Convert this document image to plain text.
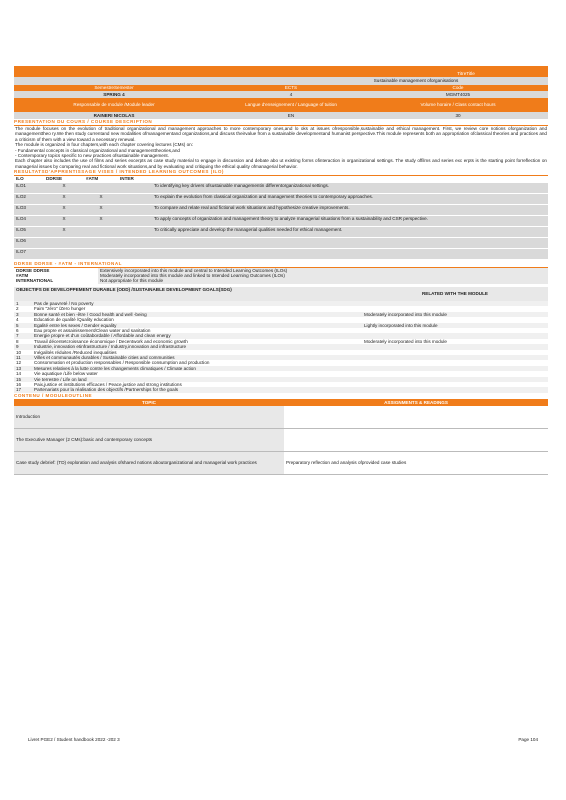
TitreTitle
Sustainable management oforganisations
SemestreSemester	ECTS	Code
SPRING 4	4	MGMT4025
Responsable de module /Module leader	Langue d'enseignement / Language of tuition	Volume horaire / Class contact hours
RAINERI NICOLAS	EN	30
PRESENTATION DU COURS / COURSE DESCRIPTION
The module focuses on the evolution of traditional organizational and management approaches to more contemporary ones,and lo oks at issues ofresponsible,sustainable and ethical management. First, we review core notions oforganization and managementtheo ry.We then study currentand new modalities ofmanagementand organizations,and discuss theirvalue from a sustainable developmentand humanist perspective.This module represents both an appropriation ofclassical theories and practices and a criticism of them with a view toward a necessary renewal.
The module is organized in four chapters,with each chapter covering lectures (CMs) on:
- Fundamental concepts in classical organizational and managementtheories,and
- Contemporary topics specific to new practices ofsustainable management.
Each chapter also includes the use of films and series excerpts as case study material to engage in discussion and debate abo ut existing forms ofinteraction in organizational settings. The study offilms and series exc erpts is the starting point forreflection on managerial issues by comparing real and fictional work situations,and by evaluating and critiquing the ethical quality ofmanagerial behavior.
RESULTATSD'APPRENTISSAGE VISES / INTENDED LEARNING OUTCOMES (ILO)
ILO	DDRSE	#ATM	INTER	
ILO1	X			To identifying key drivers ofsustainable managementin differentorganizational settings.
ILO2	X	X		To explain the evolution from classical organization and management theories to contemporary approaches.
ILO3	X	X		To compare and relate real and fictional work situations and hypothesize creative improvements.
ILO4	X	X		To apply concepts of organization and management theory to analyze managerial situations from a sustainability and CSR perspective.
ILO5	X			To critically appreciate and develop the managerial qualities needed for ethical management.
ILO6				
ILO7				
DDRSE DDRSE - #ATM - INTERNATIONAL
DDRSE DDRSE	Extensively incorporated into this module and central to Intended Learning Outcomes (ILOs)
#ATM	Moderately incorporated into this module and linked to Intended Learning Outcomes (ILOs)
INTERNATIONAL	Not appropriate for this module
OBJECTIFS DE DEVELOPPEMENT DURABLE (ODD) /SUSTAINABLE DEVELOPMENT GOALS(SDG)		RELATED WITH THE MODULE
1	Pas de pauvreté / No poverty	
2	Faim "zéro" /Zero hunger	
3	Bonne santé et bien -être / Good health and well -being	Moderately incorporated into this module
4	Education de qualité /Quality education	
5	Egalité entre les sexes / Gender equality	Lightly incorporated into this module
6	Eau propre et assainissement/Clean water and sanitation	
7	Energie propre et d'un coûtabordable / Affordable and clean energy	
8	Travail décentetcroissance économique / Decentwork and economic growth	Moderately incorporated into this module
9	Industrie, innovation etinfrastructure / Industry,innovation and infrastructure	
10	Inégalités réduites /Reduced inequalities	
11	Villes et communautés durables / Sustainable cities and communities	
12	Consommation et production responsables / Responsible consumption and production	
13	Mesures relatives à la lutte contre les changements climatiques / Climate action	
14	Vie aquatique /Life below water	
15	Vie terrestre / Life on land	
16	Paix,justice et institutions efficaces / Peace,justice and strong institutions	
17	Partenariats pour la réalisation des objectifs /Partnerships for the goals	
CONTENU / MODULEOUTLINE
TOPIC	ASSIGNMENTS & READINGS
Introduction
The Executive Manager (2 CMs):basic and contemporary concepts
Case study debrief: (TD) exploration and analysis ofshared notions aboutorganizational and managerial work practices	Preparatory reflection and analysis ofprovided case studies
Livret PGE2 / Student handbook 2022 -202 3	Page 104
